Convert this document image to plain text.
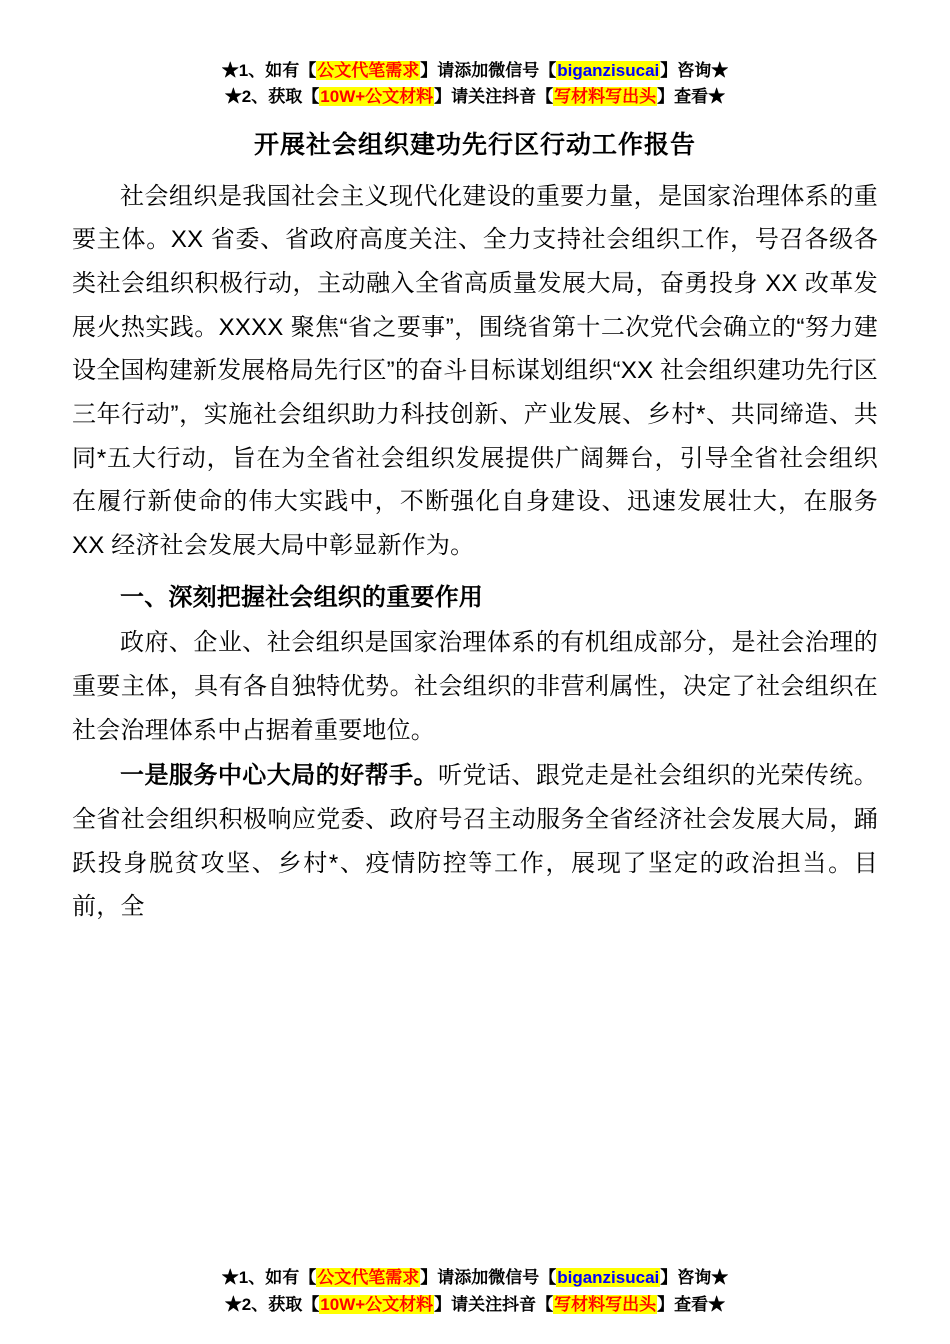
★1、如有【公文代笔需求】请添加微信号【biganzisucai】咨询★
★2、获取【10W+公文材料】请关注抖音【写材料写出头】查看★
开展社会组织建功先行区行动工作报告

社会组织是我国社会主义现代化建设的重要力量，是国家治理体系的重要主体。XX 省委、省政府高度关注、全力支持社会组织工作，号召各级各类社会组织积极行动，主动融入全省高质量发展大局，奋勇投身 XX 改革发展火热实践。XXXX 聚焦“省之要事”，围绕省第十二次党代会确立的“努力建设全国构建新发展格局先行区”的奋斗目标谋划组织“XX 社会组织建功先行区三年行动”，实施社会组织助力科技创新、产业发展、乡村*、共同缔造、共同*五大行动，旨在为全省社会组织发展提供广阔舞台，引导全省社会组织在履行新使命的伟大实践中，不断强化自身建设、迅速发展壮大，在服务 XX 经济社会发展大局中彰显新作为。

一、深刻把握社会组织的重要作用

政府、企业、社会组织是国家治理体系的有机组成部分，是社会治理的重要主体，具有各自独特优势。社会组织的非营利属性，决定了社会组织在社会治理体系中占据着重要地位。

一是服务中心大局的好帮手。听党话、跟党走是社会组织的光荣传统。全省社会组织积极响应党委、政府号召主动服务全省经济社会发展大局，踊跃投身脱贫攻坚、乡村*、疫情防控等工作，展现了坚定的政治担当。目前，全

★1、如有【公文代笔需求】请添加微信号【biganzisucai】咨询★
★2、获取【10W+公文材料】请关注抖音【写材料写出头】查看★
